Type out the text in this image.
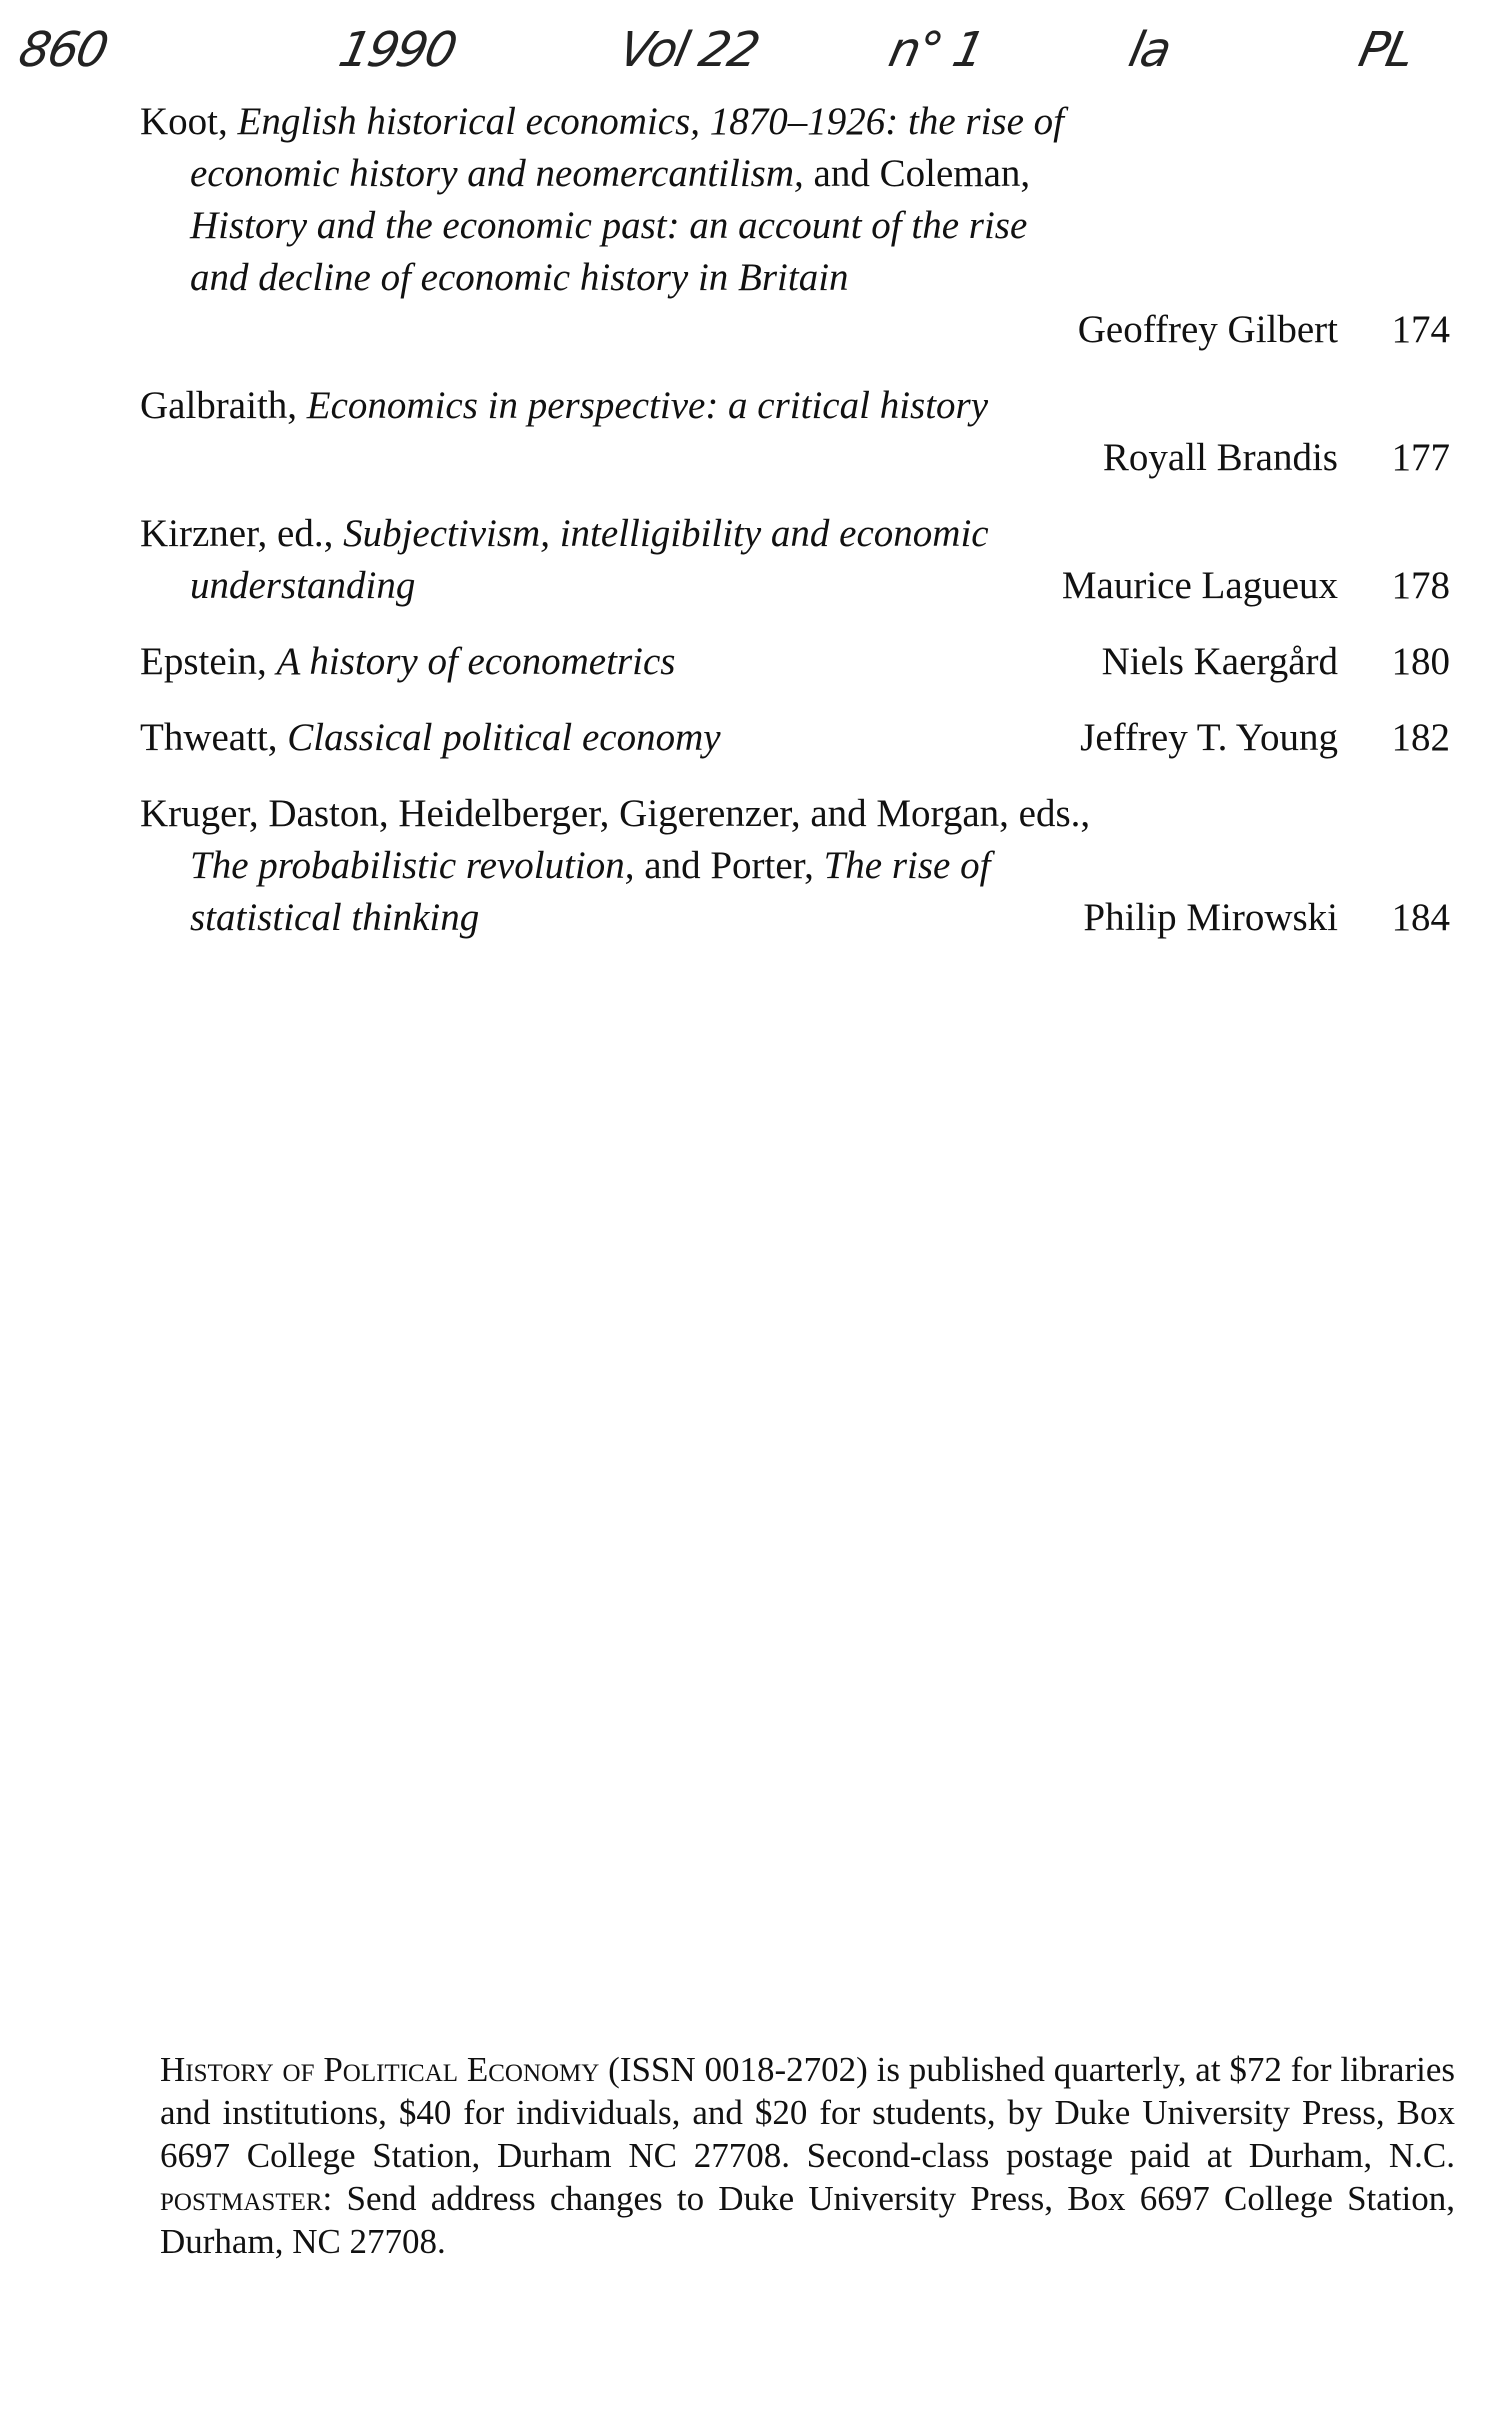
860	1990	Vol 22	n° 1	la	PL
Koot, English historical economics, 1870–1926: the rise of
economic history and neomercantilism, and Coleman,
History and the economic past: an account of the rise
and decline of economic history in Britain
Geoffrey Gilbert 174
Galbraith, Economics in perspective: a critical history
Royall Brandis 177
Kirzner, ed., Subjectivism, intelligibility and economic
understanding	Maurice Lagueux 178
Epstein, A history of econometrics	Niels Kaergård 180
Thweatt, Classical political economy	Jeffrey T. Young 182
Kruger, Daston, Heidelberger, Gigerenzer, and Morgan, eds.,
The probabilistic revolution, and Porter, The rise of
statistical thinking	Philip Mirowski 184
History of Political Economy (ISSN 0018-2702) is published quarterly, at $72 for libraries and institutions, $40 for individuals, and $20 for students, by Duke University Press, Box 6697 College Station, Durham NC 27708. Second-class postage paid at Durham, N.C. postmaster: Send address changes to Duke University Press, Box 6697 College Station, Durham, NC 27708.
